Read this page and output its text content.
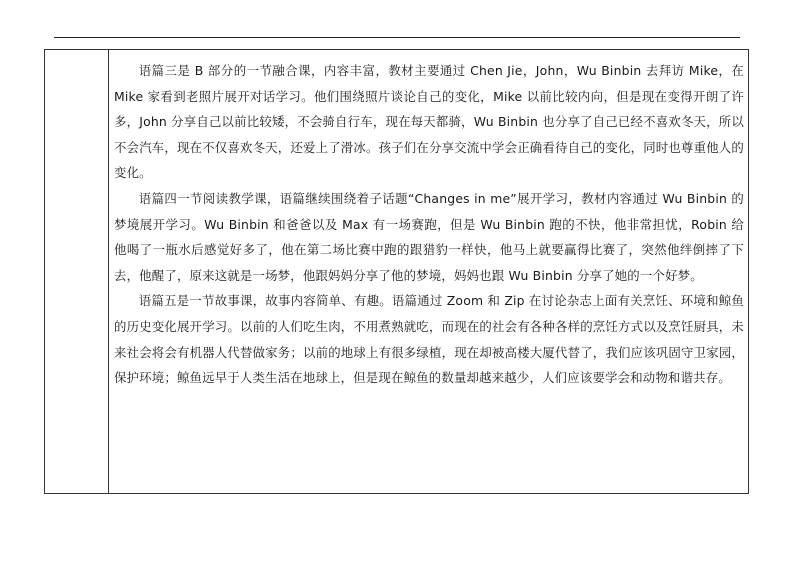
语篇三是 B 部分的一节融合课，内容丰富，教材主要通过 Chen Jie，John，Wu Binbin 去拜访 Mike，在 Mike 家看到老照片展开对话学习。他们围绕照片谈论自己的变化，Mike 以前比较内向，但是现在变得开朗了许多，John 分享自己以前比较矮，不会骑自行车，现在每天都骑，Wu Binbin 也分享了自己已经不喜欢冬天，所以不会汽车，现在不仅喜欢冬天，还爱上了滑冰。孩子们在分享交流中学会正确看待自己的变化，同时也尊重他人的变化。

语篇四一节阅读教学课，语篇继续围绕着子话题“Changes in me”展开学习，教材内容通过 Wu Binbin 的梦境展开学习。Wu Binbin 和爸爸以及 Max 有一场赛跑，但是 Wu Binbin 跑的不快，他非常担忧，Robin 给他喝了一瓶水后感觉好多了，他在第二场比赛中跑的跟猎豹一样快，他马上就要赢得比赛了，突然他绊倒摔了下去，他醒了，原来这就是一场梦，他跟妈妈分享了他的梦境，妈妈也跟 Wu Binbin 分享了她的一个好梦。

语篇五是一节故事课，故事内容简单、有趣。语篇通过 Zoom 和 Zip 在讨论杂志上面有关烹饪、环境和鲸鱼的历史变化展开学习。以前的人们吃生肉，不用煮熟就吃，而现在的社会有各种各样的烹饪方式以及烹饪厨具，未来社会将会有机器人代替做家务；以前的地球上有很多绿植，现在却被高楼大厦代替了，我们应该巩固守卫家园，保护环境；鲸鱼远早于人类生活在地球上，但是现在鲸鱼的数量却越来越少，人们应该要学会和动物和谐共存。
